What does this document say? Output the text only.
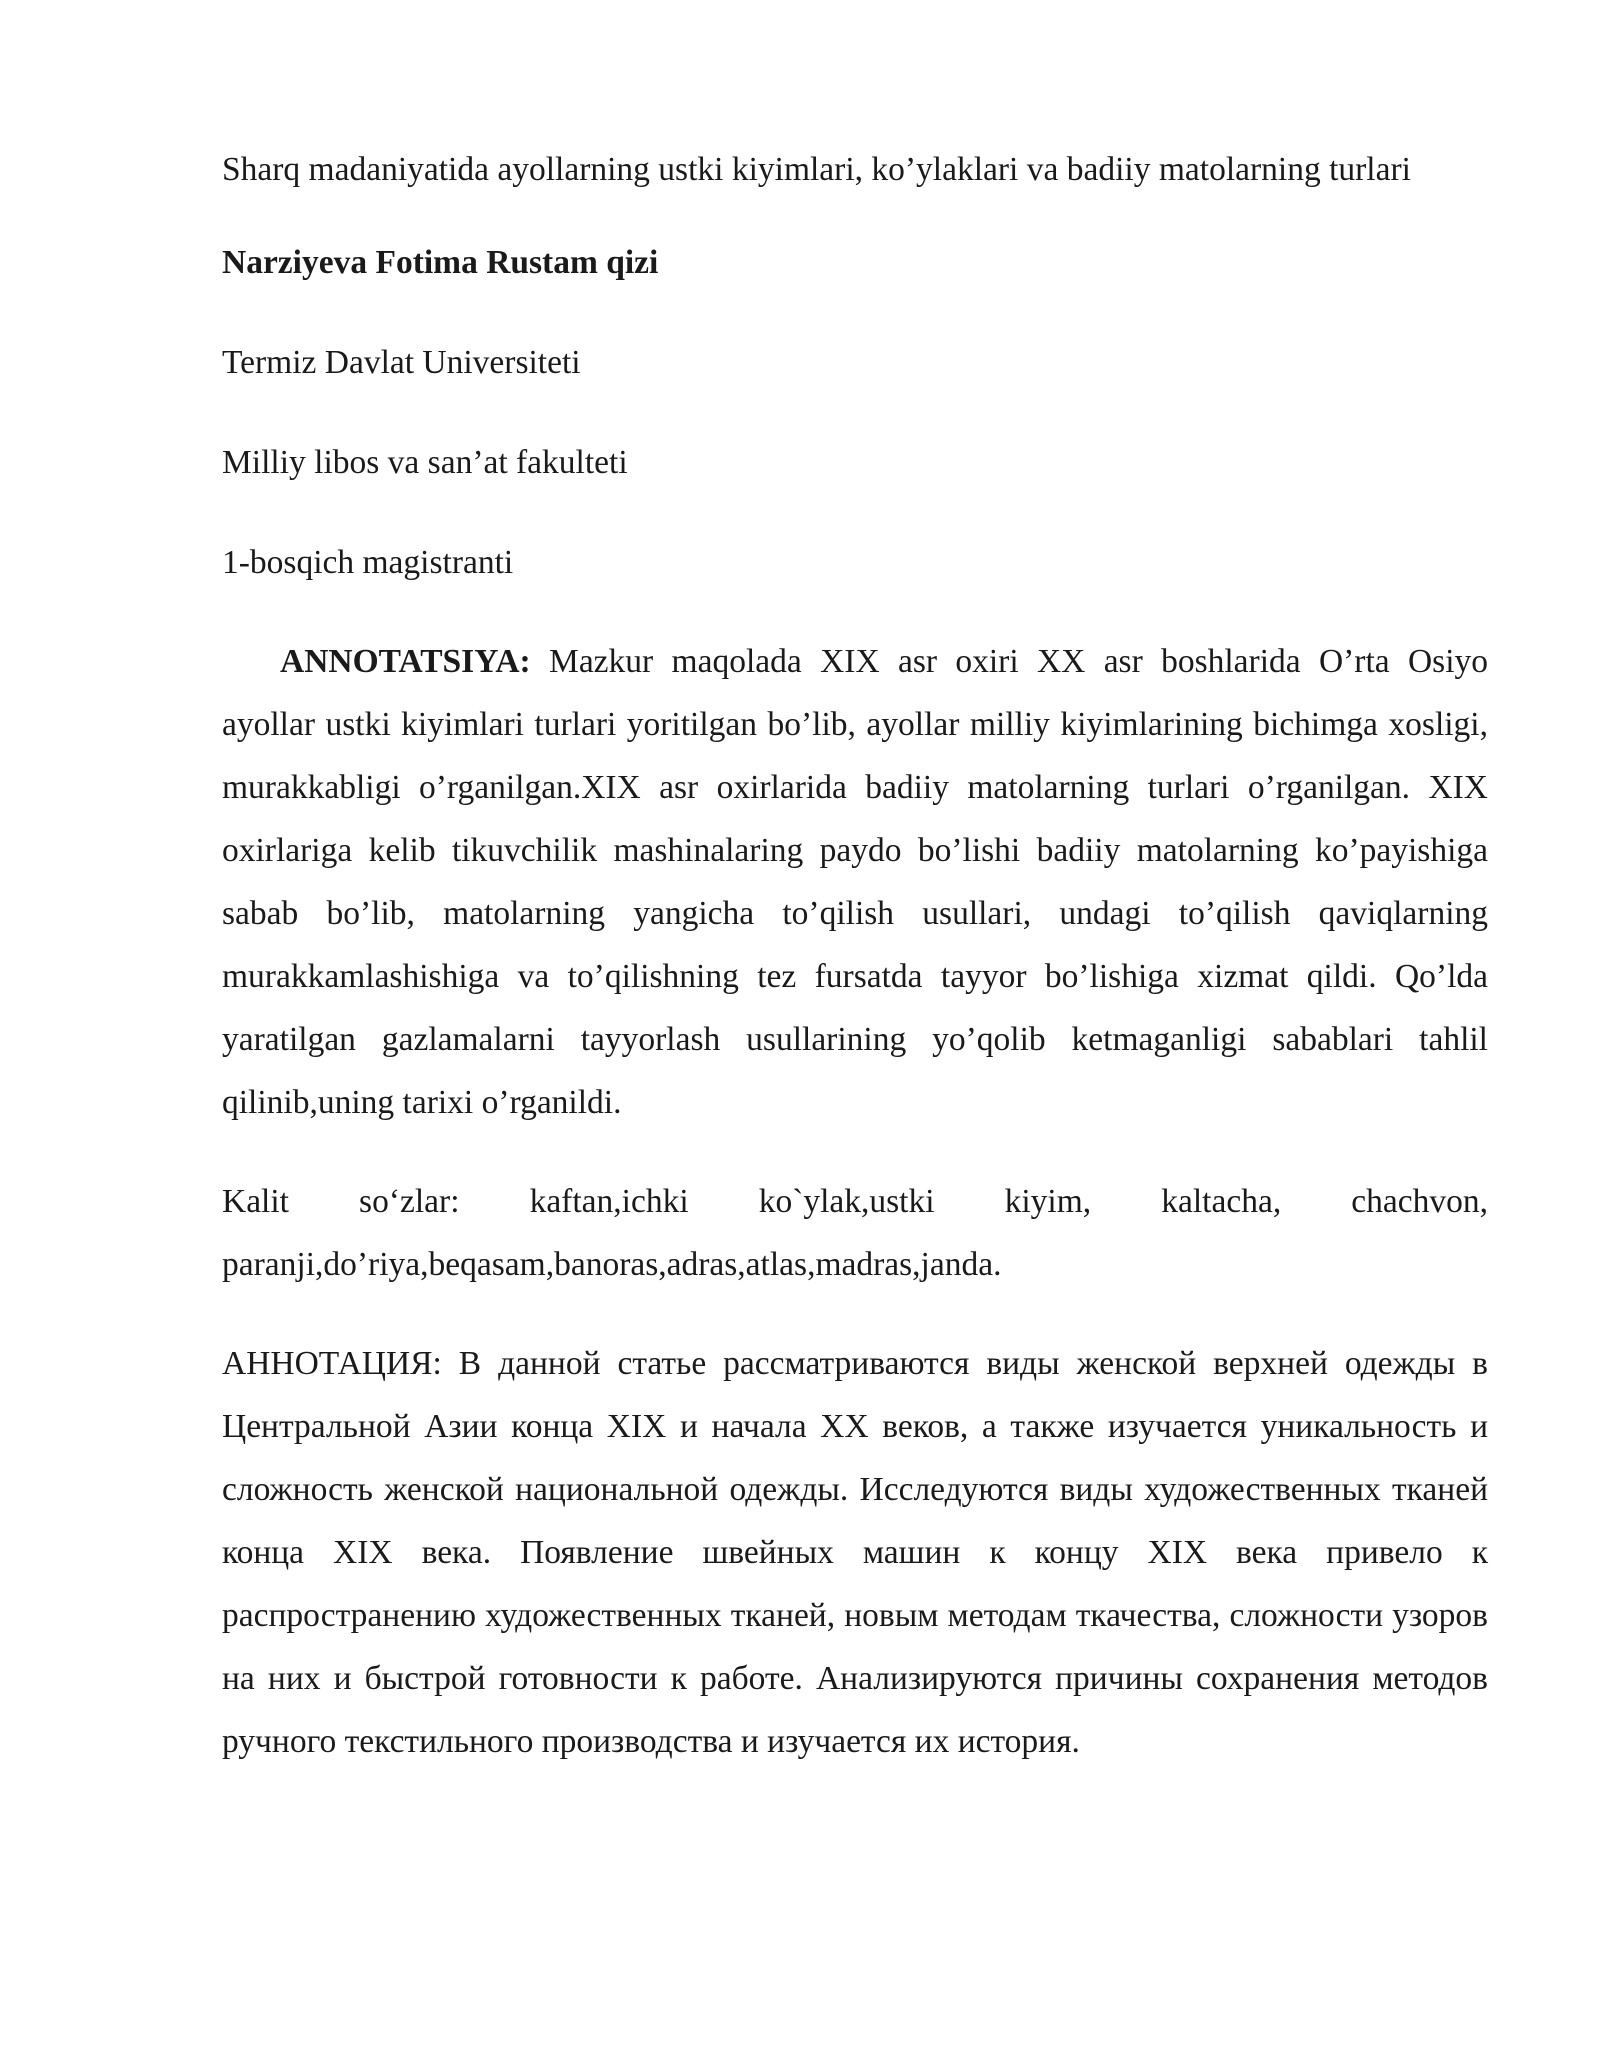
Sharq madaniyatida ayollarning ustki kiyimlari, ko’ylaklari va badiiy matolarning turlari

Narziyeva Fotima Rustam qizi

Termiz Davlat Universiteti

Milliy libos va san’at fakulteti

1-bosqich magistranti

ANNOTATSIYA: Mazkur maqolada XIX asr oxiri XX asr boshlarida O’rta Osiyo ayollar ustki kiyimlari turlari yoritilgan bo’lib, ayollar milliy kiyimlarining bichimga xosligi, murakkabligi o’rganilgan.XIX asr oxirlarida badiiy matolarning turlari o’rganilgan. XIX oxirlariga kelib tikuvchilik mashinalaring paydo bo’lishi badiiy matolarning ko’payishiga sabab bo’lib, matolarning yangicha to’qilish usullari, undagi to’qilish qaviqlarning murakkamlashishiga va to’qilishning tez fursatda tayyor bo’lishiga xizmat qildi. Qo’lda yaratilgan gazlamalarni tayyorlash usullarining yo’qolib ketmaganligi sabablari tahlil qilinib,uning tarixi o’rganildi.

Kalit so‘zlar: kaftan,ichki ko`ylak,ustki kiyim, kaltacha, chachvon, paranji,do’riya,beqasam,banoras,adras,atlas,madras,janda.

АННОТАЦИЯ: В данной статье рассматриваются виды женской верхней одежды в Центральной Азии конца XIX и начала XX веков, а также изучается уникальность и сложность женской национальной одежды. Исследуются виды художественных тканей конца XIX века. Появление швейных машин к концу XIX века привело к распространению художественных тканей, новым методам ткачества, сложности узоров на них и быстрой готовности к работе. Анализируются причины сохранения методов ручного текстильного производства и изучается их история.
